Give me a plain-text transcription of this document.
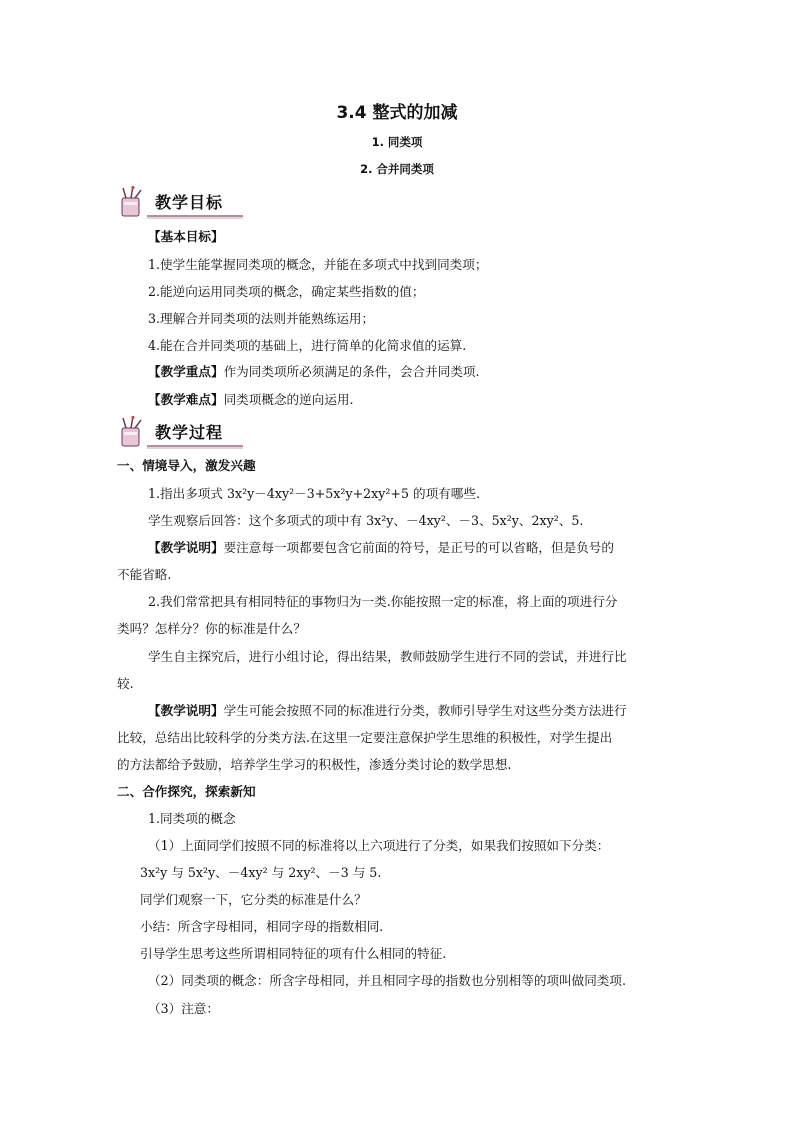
3.4 整式的加减
1. 同类项
2. 合并同类项
教学目标
【基本目标】
1.使学生能掌握同类项的概念，并能在多项式中找到同类项；
2.能逆向运用同类项的概念，确定某些指数的值；
3.理解合并同类项的法则并能熟练运用；
4.能在合并同类项的基础上，进行简单的化简求值的运算.
【教学重点】作为同类项所必须满足的条件，会合并同类项.
【教学难点】同类项概念的逆向运用.
教学过程
一、情境导入，激发兴趣
1.指出多项式 3x²y－4xy²－3+5x²y+2xy²+5 的项有哪些.
学生观察后回答：这个多项式的项中有 3x²y、－4xy²、－3、5x²y、2xy²、5.
【教学说明】要注意每一项都要包含它前面的符号，是正号的可以省略，但是负号的
不能省略.
2.我们常常把具有相同特征的事物归为一类.你能按照一定的标准，将上面的项进行分
类吗？怎样分？你的标准是什么？
学生自主探究后，进行小组讨论，得出结果，教师鼓励学生进行不同的尝试，并进行比
较.
【教学说明】学生可能会按照不同的标准进行分类，教师引导学生对这些分类方法进行
比较，总结出比较科学的分类方法.在这里一定要注意保护学生思维的积极性，对学生提出
的方法都给予鼓励，培养学生学习的积极性，渗透分类讨论的数学思想.
二、合作探究，探索新知
1.同类项的概念
（1）上面同学们按照不同的标准将以上六项进行了分类，如果我们按照如下分类：
3x²y 与 5x²y、－4xy² 与 2xy²、－3 与 5.
同学们观察一下，它分类的标准是什么？
小结：所含字母相同，相同字母的指数相同.
引导学生思考这些所谓相同特征的项有什么相同的特征.
（2）同类项的概念：所含字母相同，并且相同字母的指数也分别相等的项叫做同类项.
（3）注意：
